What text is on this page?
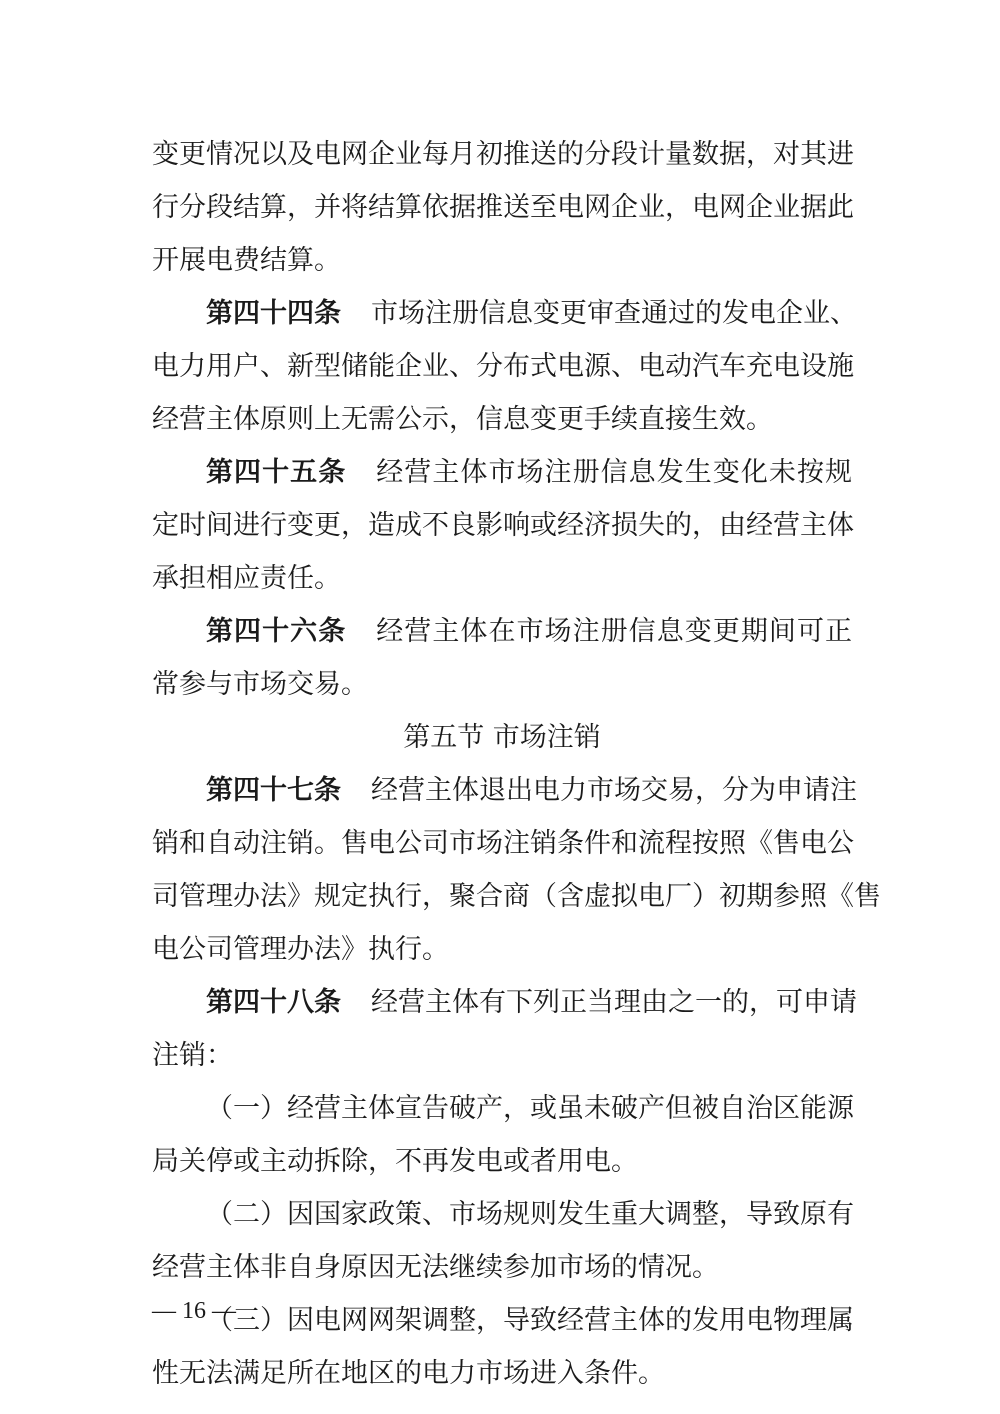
变更情况以及电网企业每月初推送的分段计量数据，对其进
行分段结算，并将结算依据推送至电网企业，电网企业据此
开展电费结算。
第四十四条 市场注册信息变更审查通过的发电企业、
电力用户、新型储能企业、分布式电源、电动汽车充电设施
经营主体原则上无需公示，信息变更手续直接生效。
第四十五条 经营主体市场注册信息发生变化未按规
定时间进行变更，造成不良影响或经济损失的，由经营主体
承担相应责任。
第四十六条 经营主体在市场注册信息变更期间可正
常参与市场交易。
第五节 市场注销
第四十七条 经营主体退出电力市场交易，分为申请注
销和自动注销。售电公司市场注销条件和流程按照《售电公
司管理办法》规定执行，聚合商（含虚拟电厂）初期参照《售
电公司管理办法》执行。
第四十八条 经营主体有下列正当理由之一的，可申请
注销：
（一）经营主体宣告破产，或虽未破产但被自治区能源
局关停或主动拆除，不再发电或者用电。
（二）因国家政策、市场规则发生重大调整，导致原有
经营主体非自身原因无法继续参加市场的情况。
（三）因电网网架调整，导致经营主体的发用电物理属
性无法满足所在地区的电力市场进入条件。
— 16 —
